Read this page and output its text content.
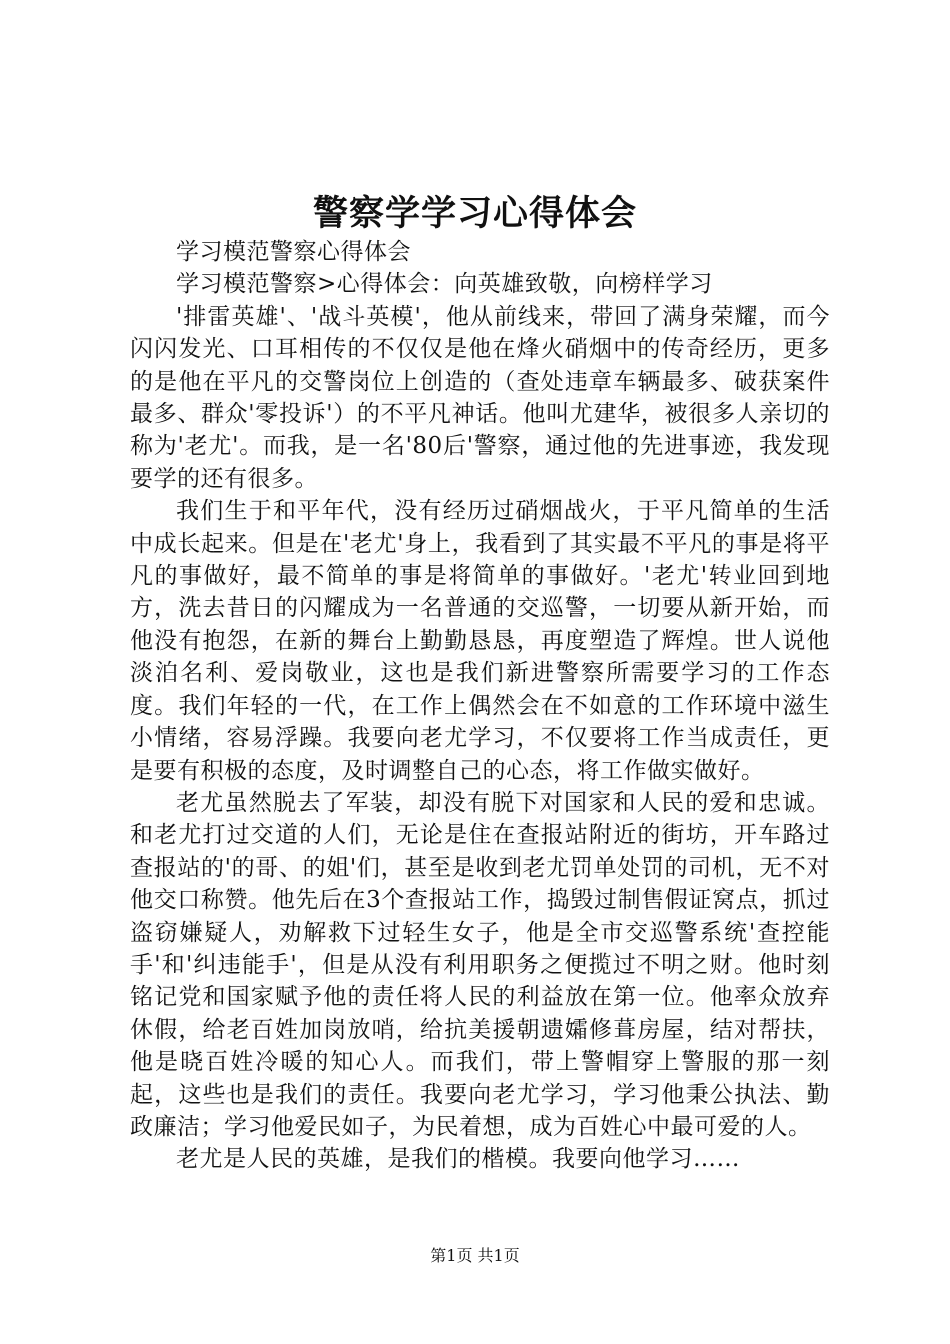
警察学学习心得体会

学习模范警察心得体会

学习模范警察>心得体会：向英雄致敬，向榜样学习

'排雷英雄'、'战斗英模'，他从前线来，带回了满身荣耀，而今闪闪发光、口耳相传的不仅仅是他在烽火硝烟中的传奇经历，更多的是他在平凡的交警岗位上创造的（查处违章车辆最多、破获案件最多、群众'零投诉'）的不平凡神话。他叫尤建华，被很多人亲切的称为'老尤'。而我，是一名'80后'警察，通过他的先进事迹，我发现要学的还有很多。

我们生于和平年代，没有经历过硝烟战火，于平凡简单的生活中成长起来。但是在'老尤'身上，我看到了其实最不平凡的事是将平凡的事做好，最不简单的事是将简单的事做好。'老尤'转业回到地方，洗去昔日的闪耀成为一名普通的交巡警，一切要从新开始，而他没有抱怨，在新的舞台上勤勤恳恳，再度塑造了辉煌。世人说他淡泊名利、爱岗敬业，这也是我们新进警察所需要学习的工作态度。我们年轻的一代，在工作上偶然会在不如意的工作环境中滋生小情绪，容易浮躁。我要向老尤学习，不仅要将工作当成责任，更是要有积极的态度，及时调整自己的心态，将工作做实做好。

老尤虽然脱去了军装，却没有脱下对国家和人民的爱和忠诚。和老尤打过交道的人们，无论是住在查报站附近的街坊，开车路过查报站的'的哥、的姐'们，甚至是收到老尤罚单处罚的司机，无不对他交口称赞。他先后在3个查报站工作，捣毁过制售假证窝点，抓过盗窃嫌疑人，劝解救下过轻生女子，他是全市交巡警系统'查控能手'和'纠违能手'，但是从没有利用职务之便揽过不明之财。他时刻铭记党和国家赋予他的责任将人民的利益放在第一位。他率众放弃休假，给老百姓加岗放哨，给抗美援朝遗孀修葺房屋，结对帮扶，他是晓百姓冷暖的知心人。而我们，带上警帽穿上警服的那一刻起，这些也是我们的责任。我要向老尤学习，学习他秉公执法、勤政廉洁；学习他爱民如子，为民着想，成为百姓心中最可爱的人。

老尤是人民的英雄，是我们的楷模。我要向他学习……

第1页 共1页
